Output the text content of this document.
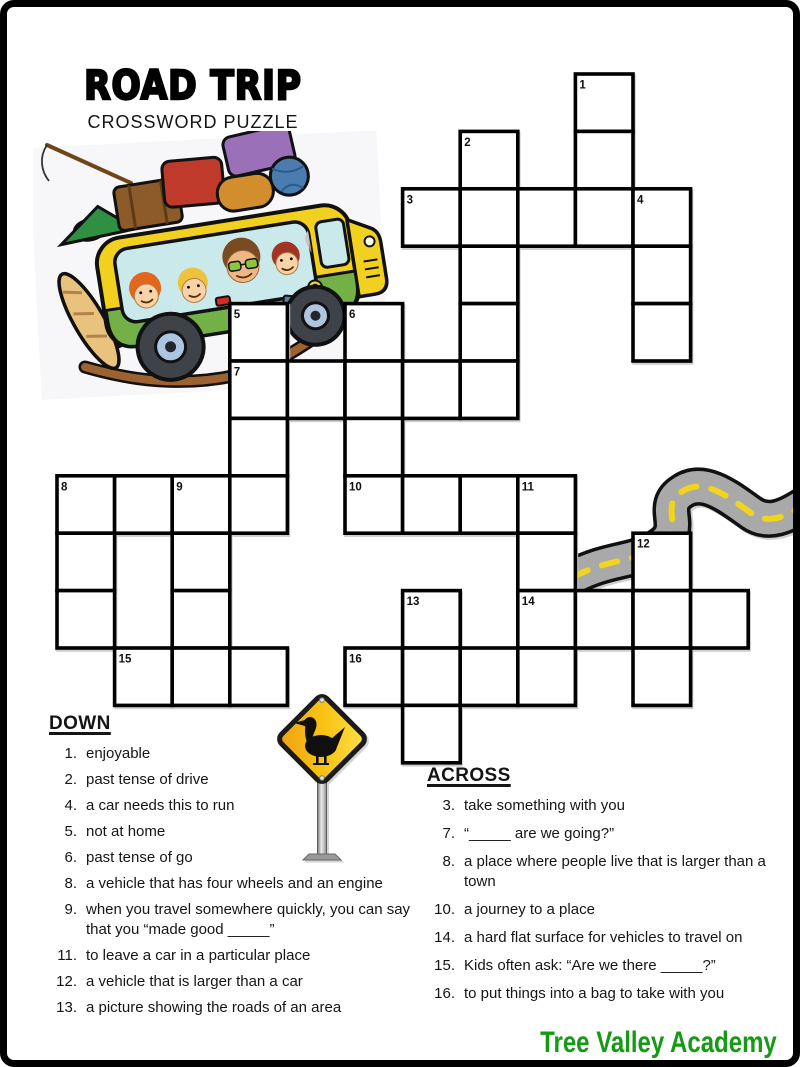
ROAD TRIP
CROSSWORD PUZZLE
1
2
3	4
5	6
7
8	9	10	11
12
13	14
15	16
DOWN
1. enjoyable
2. past tense of drive
4. a car needs this to run
5. not at home
6. past tense of go
8. a vehicle that has four wheels and an engine
9. when you travel somewhere quickly, you can say that you “made good _____”
11. to leave a car in a particular place
12. a vehicle that is larger than a car
13. a picture showing the roads of an area
ACROSS
3. take something with you
7. “_____ are we going?”
8. a place where people live that is larger than a town
10. a journey to a place
14. a hard flat surface for vehicles to travel on
15. Kids often ask: “Are we there _____?”
16. to put things into a bag to take with you
Tree Valley Academy
